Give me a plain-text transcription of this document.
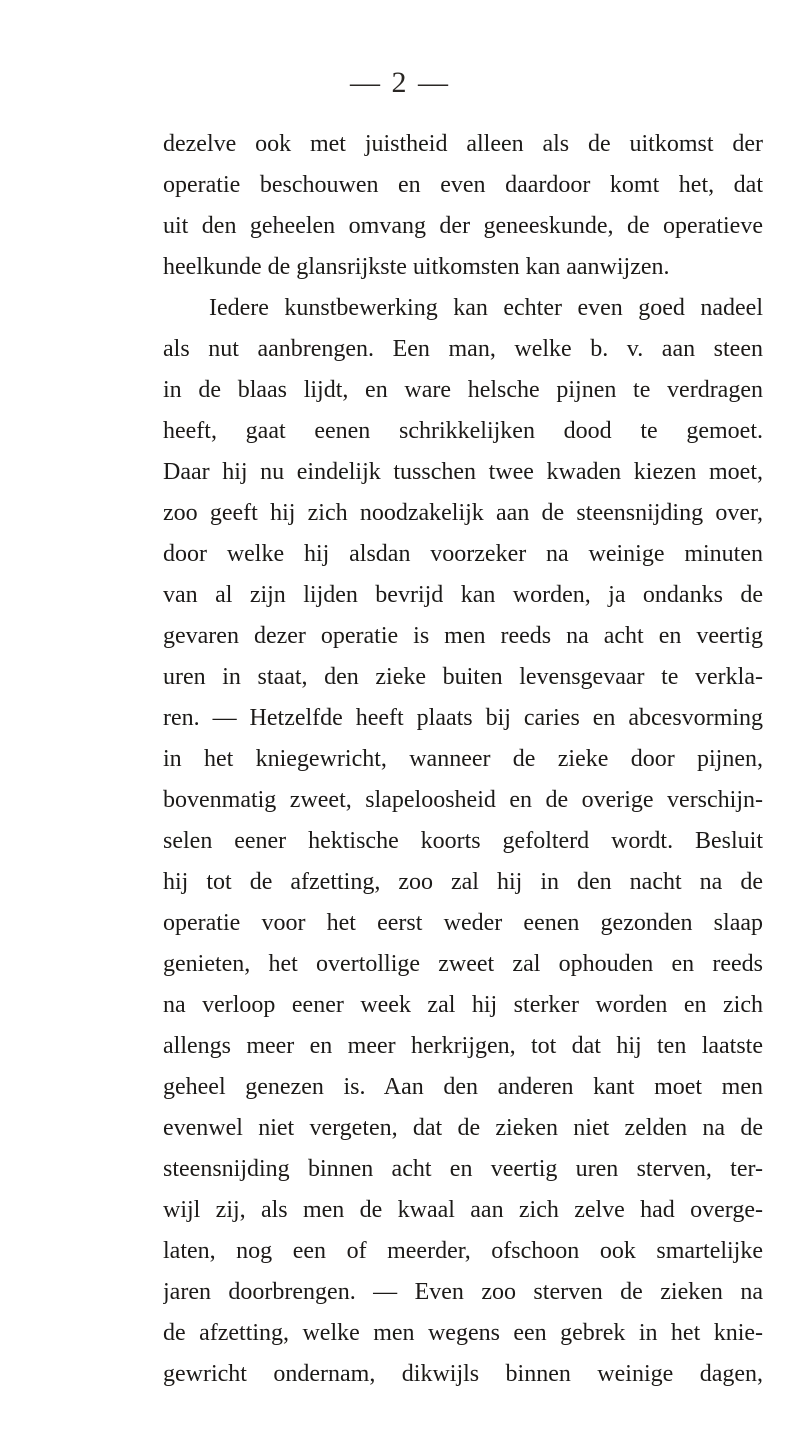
— 2 —
dezelve ook met juistheid alleen als de uitkomst der
operatie beschouwen en even daardoor komt het, dat
uit den geheelen omvang der geneeskunde, de operatieve
heelkunde de glansrijkste uitkomsten kan aanwijzen.
Iedere kunstbewerking kan echter even goed nadeel
als nut aanbrengen. Een man, welke b. v. aan steen
in de blaas lijdt, en ware helsche pijnen te verdragen
heeft, gaat eenen schrikkelijken dood te gemoet.
Daar hij nu eindelijk tusschen twee kwaden kiezen moet,
zoo geeft hij zich noodzakelijk aan de steensnijding over,
door welke hij alsdan voorzeker na weinige minuten
van al zijn lijden bevrijd kan worden, ja ondanks de
gevaren dezer operatie is men reeds na acht en veertig
uren in staat, den zieke buiten levensgevaar te verkla-
ren. — Hetzelfde heeft plaats bij caries en abcesvorming
in het kniegewricht, wanneer de zieke door pijnen,
bovenmatig zweet, slapeloosheid en de overige verschijn-
selen eener hektische koorts gefolterd wordt. Besluit
hij tot de afzetting, zoo zal hij in den nacht na de
operatie voor het eerst weder eenen gezonden slaap
genieten, het overtollige zweet zal ophouden en reeds
na verloop eener week zal hij sterker worden en zich
allengs meer en meer herkrijgen, tot dat hij ten laatste
geheel genezen is. Aan den anderen kant moet men
evenwel niet vergeten, dat de zieken niet zelden na de
steensnijding binnen acht en veertig uren sterven, ter-
wijl zij, als men de kwaal aan zich zelve had overge-
laten, nog een of meerder, ofschoon ook smartelijke
jaren doorbrengen. — Even zoo sterven de zieken na
de afzetting, welke men wegens een gebrek in het knie-
gewricht ondernam, dikwijls binnen weinige dagen,
